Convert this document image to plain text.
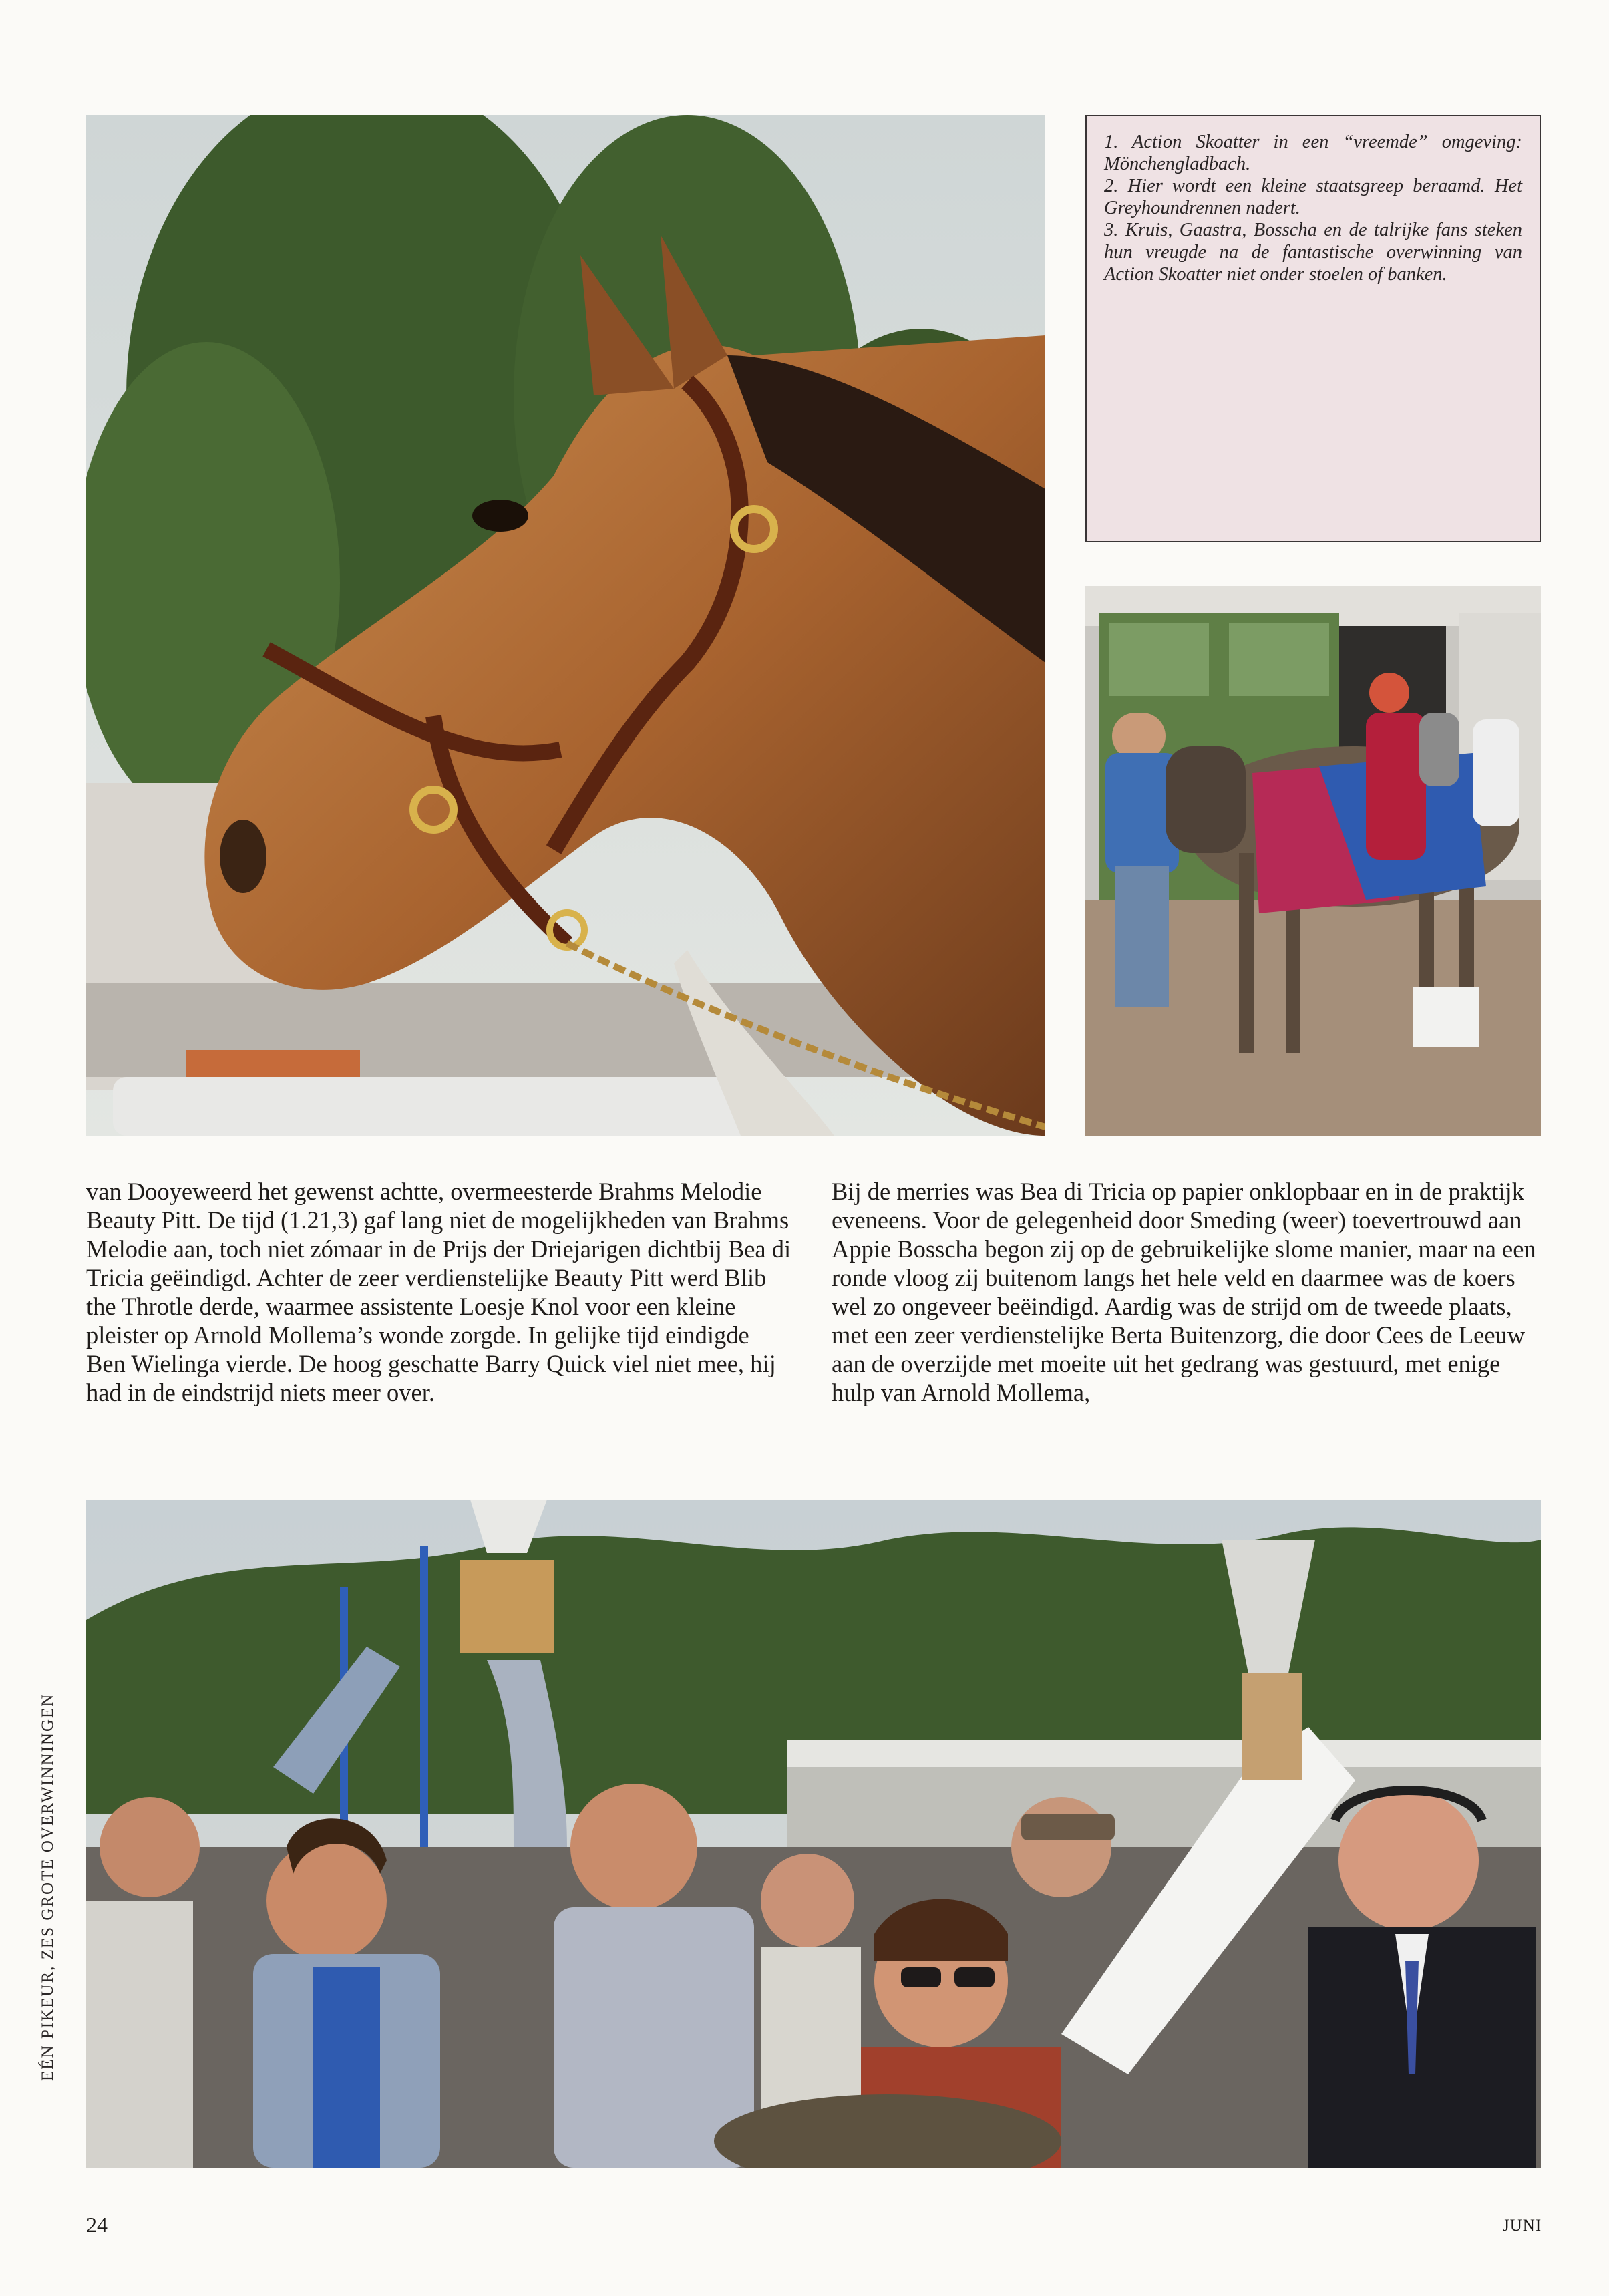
1. Action Skoatter in een “vreemde” omgeving: Mönchengladbach.

2. Hier wordt een kleine staatsgreep beraamd. Het Greyhoundrennen nadert.

3. Kruis, Gaastra, Bosscha en de talrijke fans steken hun vreugde na de fantastische overwinning van Action Skoatter niet onder stoelen of banken.

van Dooyeweerd het gewenst achtte, overmeesterde Brahms Melodie Beauty Pitt. De tijd (1.21,3) gaf lang niet de mogelijkheden van Brahms Melodie aan, toch niet zómaar in de Prijs der Driejarigen dichtbij Bea di Tricia geëindigd. Achter de zeer verdienstelijke Beauty Pitt werd Blib the Throtle derde, waarmee assistente Loesje Knol voor een kleine pleister op Arnold Mollema’s wonde zorgde. In gelijke tijd eindigde Ben Wielinga vierde. De hoog geschatte Barry Quick viel niet mee, hij had in de eindstrijd niets meer over.

Bij de merries was Bea di Tricia op papier onklopbaar en in de praktijk eveneens. Voor de gelegenheid door Smeding (weer) toevertrouwd aan Appie Bosscha begon zij op de gebruikelijke slome manier, maar na een ronde vloog zij buitenom langs het hele veld en daarmee was de koers wel zo ongeveer beëindigd. Aardig was de strijd om de tweede plaats, met een zeer verdienstelijke Berta Buitenzorg, die door Cees de Leeuw aan de overzijde met moeite uit het gedrang was gestuurd, met enige hulp van Arnold Mollema,

EÉN PIKEUR, ZES GROTE OVERWINNINGEN
24	JUNI
